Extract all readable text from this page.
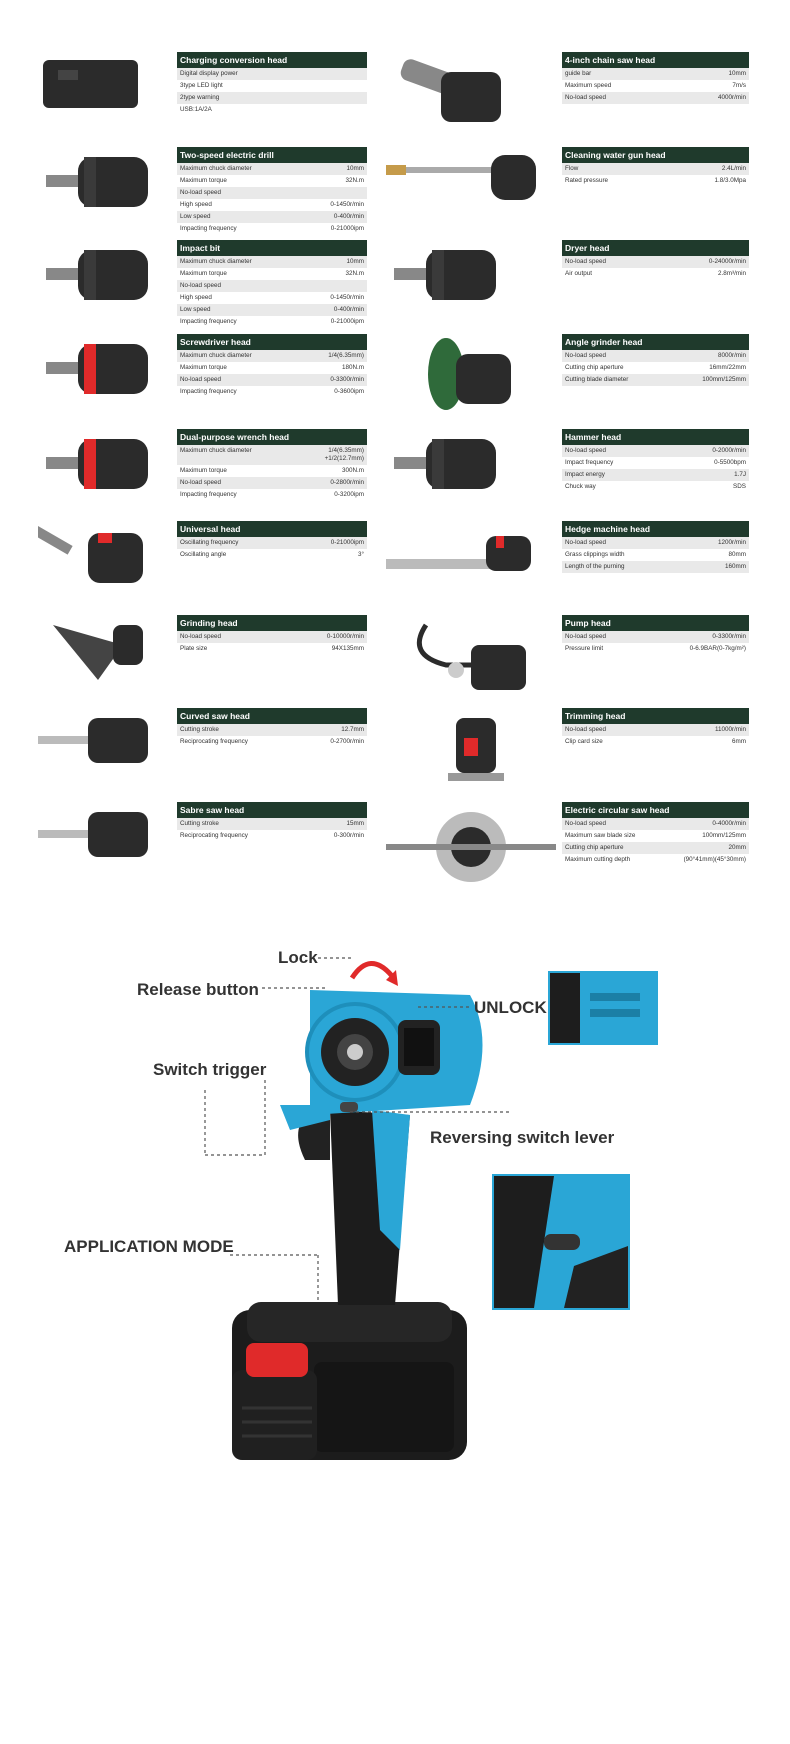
Charging conversion head
Digital display power
3type LED light
2type warning
USB:1A/2A
Two-speed electric drill
Maximum chuck diameter	10mm
Maximum torque	32N.m
No-load speed
High speed	0-1450r/min
Low speed	0-400r/min
Impacting frequency	0-21000ipm
Impact bit
Maximum chuck diameter	10mm
Maximum torque	32N.m
No-load speed
High speed	0-1450r/min
Low speed	0-400r/min
Impacting frequency	0-21000ipm
Screwdriver head
Maximum chuck diameter	1/4(6.35mm)
Maximum torque	180N.m
No-load speed	0-3300r/min
Impacting frequency	0-3600ipm
Dual-purpose wrench head
Maximum chuck diameter	1/4(6.35mm)
+1/2(12.7mm)
Maximum torque	300N.m
No-load speed	0-2800r/min
Impacting frequency	0-3200ipm
Universal head
Oscillating frequency	0-21000ipm
Oscillating angle	3°
Grinding head
No-load speed	0-10000r/min
Plate size	94X135mm
Curved saw head
Cutting stroke	12.7mm
Reciprocating frequency	0-2700r/min
Sabre saw head
Cutting stroke	15mm
Reciprocating frequency	0-300r/min
4-inch chain saw head
guide bar	10mm
Maximum speed	7m/s
No-load speed	4000r/min
Cleaning water gun head
Flow	2.4L/min
Rated pressure	1.8/3.0Mpa
Dryer head
No-load speed	0-24000r/min
Air output	2.8m³/min
Angle grinder head
No-load speed	8000r/min
Cutting chip aperture	16mm/22mm
Cutting blade diameter	100mm/125mm
Hammer head
No-load speed	0-2000r/min
Impact frequency	0-5500bpm
Impact energy	1.7J
Chuck way	SDS
Hedge machine head
No-load speed	1200r/min
Grass clippings width	80mm
Length of the purning	160mm
Pump head
No-load speed	0-3300r/min
Pressure limit	0-6.9BAR(0-7kg/m²)
Trimming head
No-load speed	11000r/min
Clip card size	6mm
Electric circular saw head
No-load speed	0-4000r/min
Maximum saw blade size	100mm/125mm
Cutting chip aperture	20mm
Maximum cutting depth	(90°41mm)(45°30mm)
Lock
Release button
UNLOCK
Switch trigger
Reversing switch lever
APPLICATION MODE
